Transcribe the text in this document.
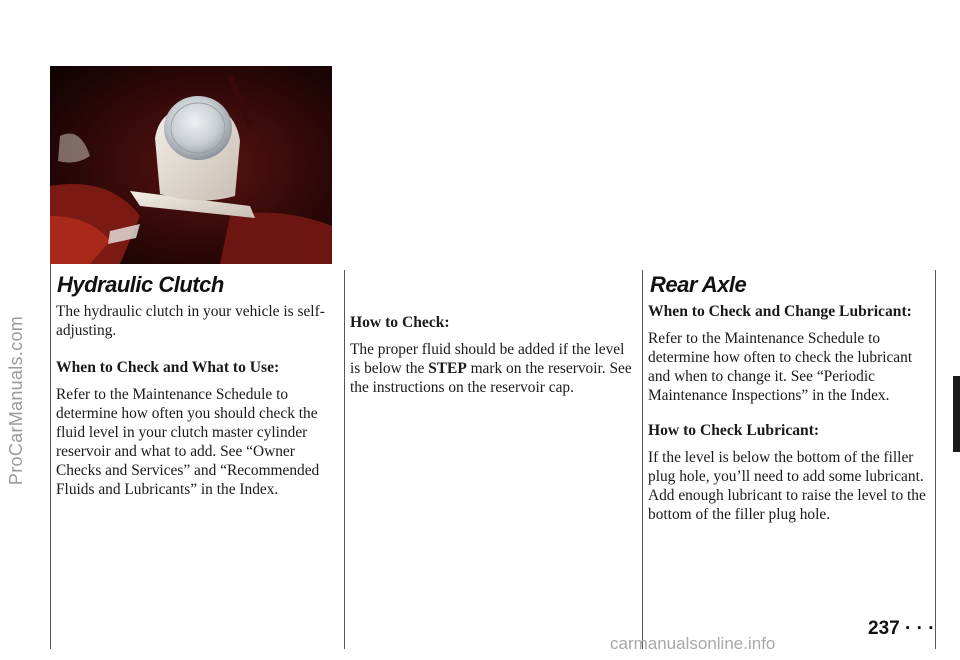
ProCarManuals.com
Hydraulic Clutch	Rear Axle

The hydraulic clutch in your vehicle is self-adjusting.

When to Check and What to Use:

Refer to the Maintenance Schedule to determine how often you should check the fluid level in your clutch master cylinder reservoir and what to add. See “Owner Checks and Services” and “Recommended Fluids and Lubricants” in the Index.

How to Check:

The proper fluid should be added if the level is below the STEP mark on the reservoir. See the instructions on the reservoir cap.

When to Check and Change Lubricant:

Refer to the Maintenance Schedule to determine how often to check the lubricant and when to change it. See “Periodic Maintenance Inspections” in the Index.

How to Check Lubricant:

If the level is below the bottom of the filler plug hole, you’ll need to add some lubricant. Add enough lubricant to raise the level to the bottom of the filler plug hole.

237 · · ·
carmanualsonline.info
